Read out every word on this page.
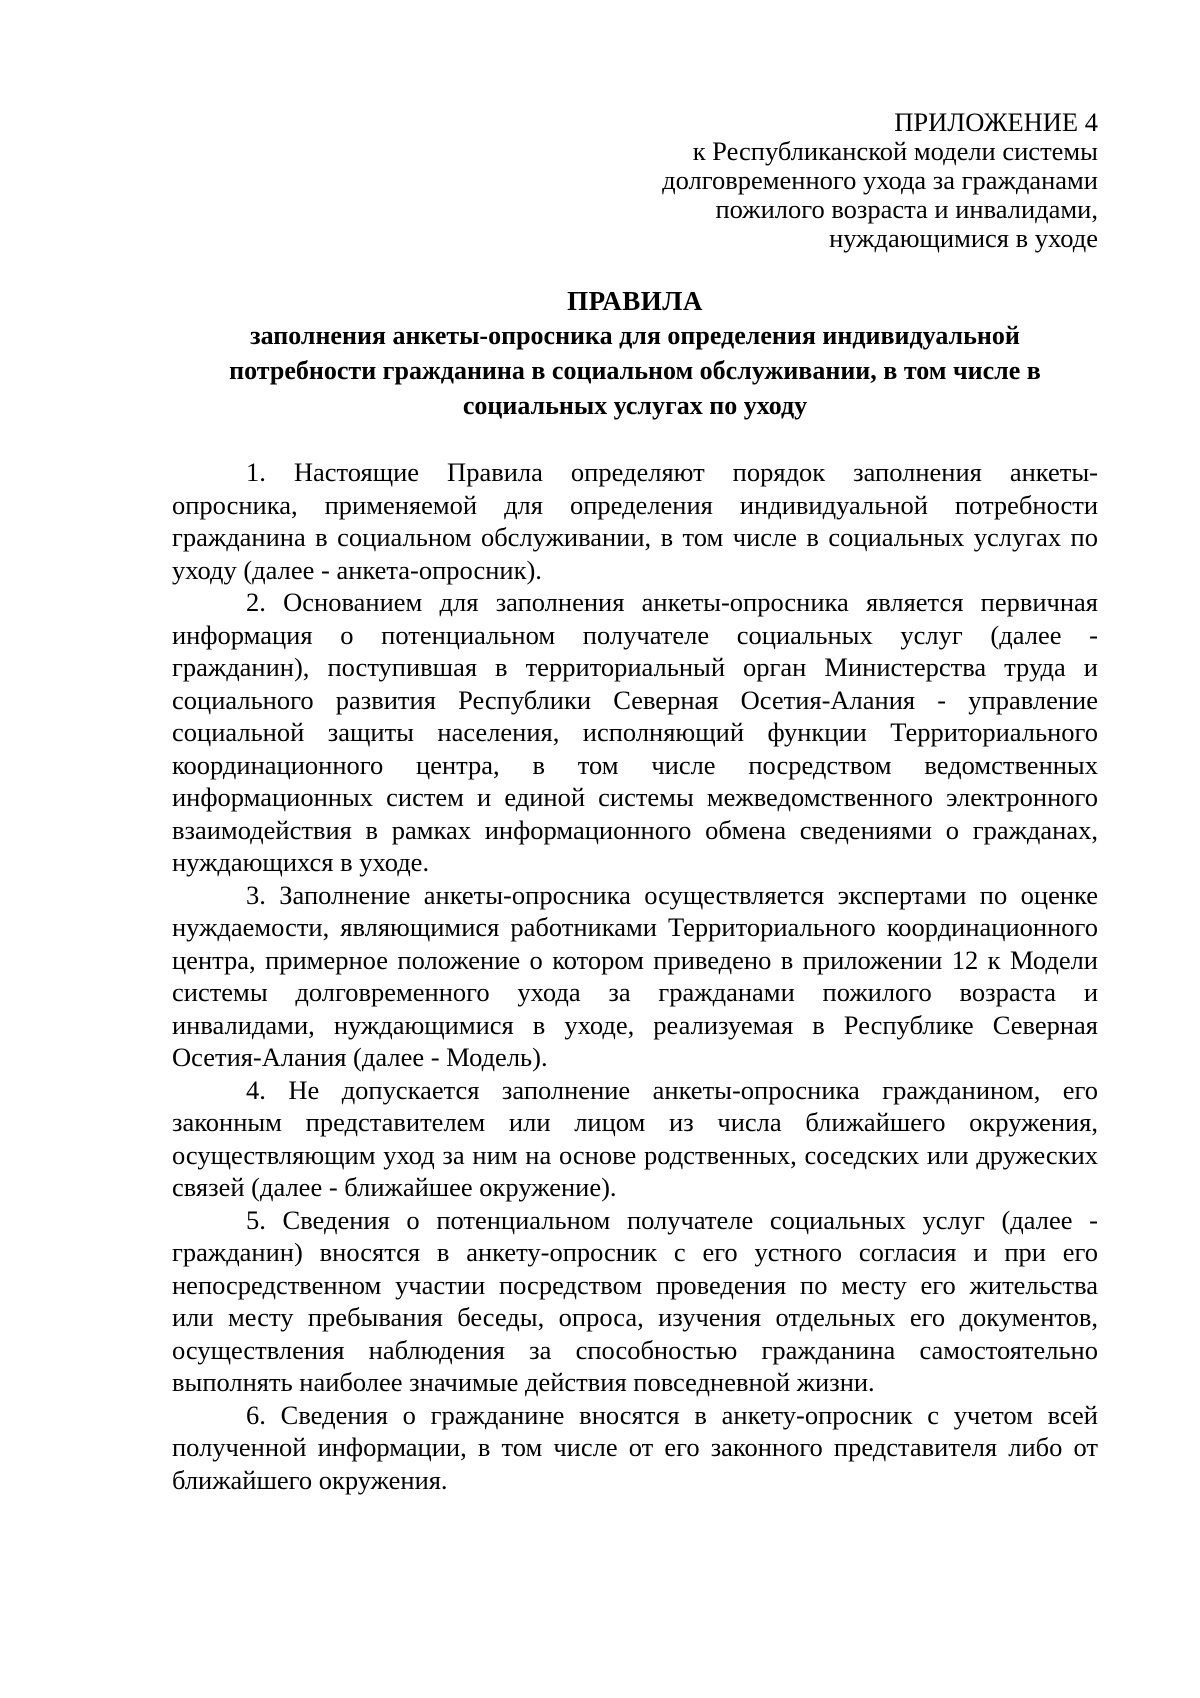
ПРИЛОЖЕНИЕ 4
к Республиканской модели системы
долговременного ухода за гражданами
пожилого возраста и инвалидами,
нуждающимися в уходе
ПРАВИЛА
заполнения анкеты-опросника для определения индивидуальной
потребности гражданина в социальном обслуживании, в том числе в
социальных услугах по уходу

1. Настоящие Правила определяют порядок заполнения анкеты-
опросника, применяемой для определения индивидуальной потребности
гражданина в социальном обслуживании, в том числе в социальных услугах по
уходу (далее - анкета-опросник).

2. Основанием для заполнения анкеты-опросника является первичная
информация о потенциальном получателе социальных услуг (далее -
гражданин), поступившая в территориальный орган Министерства труда и
социального развития Республики Северная Осетия-Алания - управление
социальной защиты населения, исполняющий функции Территориального
координационного центра, в том числе посредством ведомственных
информационных систем и единой системы межведомственного электронного
взаимодействия в рамках информационного обмена сведениями о гражданах,
нуждающихся в уходе.

3. Заполнение анкеты-опросника осуществляется экспертами по оценке
нуждаемости, являющимися работниками Территориального координационного
центра, примерное положение о котором приведено в приложении 12 к Модели
системы долговременного ухода за гражданами пожилого возраста и
инвалидами, нуждающимися в уходе, реализуемая в Республике Северная
Осетия-Алания (далее - Модель).

4. Не допускается заполнение анкеты-опросника гражданином, его
законным представителем или лицом из числа ближайшего окружения,
осуществляющим уход за ним на основе родственных, соседских или дружеских
связей (далее - ближайшее окружение).

5. Сведения о потенциальном получателе социальных услуг (далее -
гражданин) вносятся в анкету-опросник с его устного согласия и при его
непосредственном участии посредством проведения по месту его жительства
или месту пребывания беседы, опроса, изучения отдельных его документов,
осуществления наблюдения за способностью гражданина самостоятельно
выполнять наиболее значимые действия повседневной жизни.

6. Сведения о гражданине вносятся в анкету-опросник с учетом всей
полученной информации, в том числе от его законного представителя либо от
ближайшего окружения.
